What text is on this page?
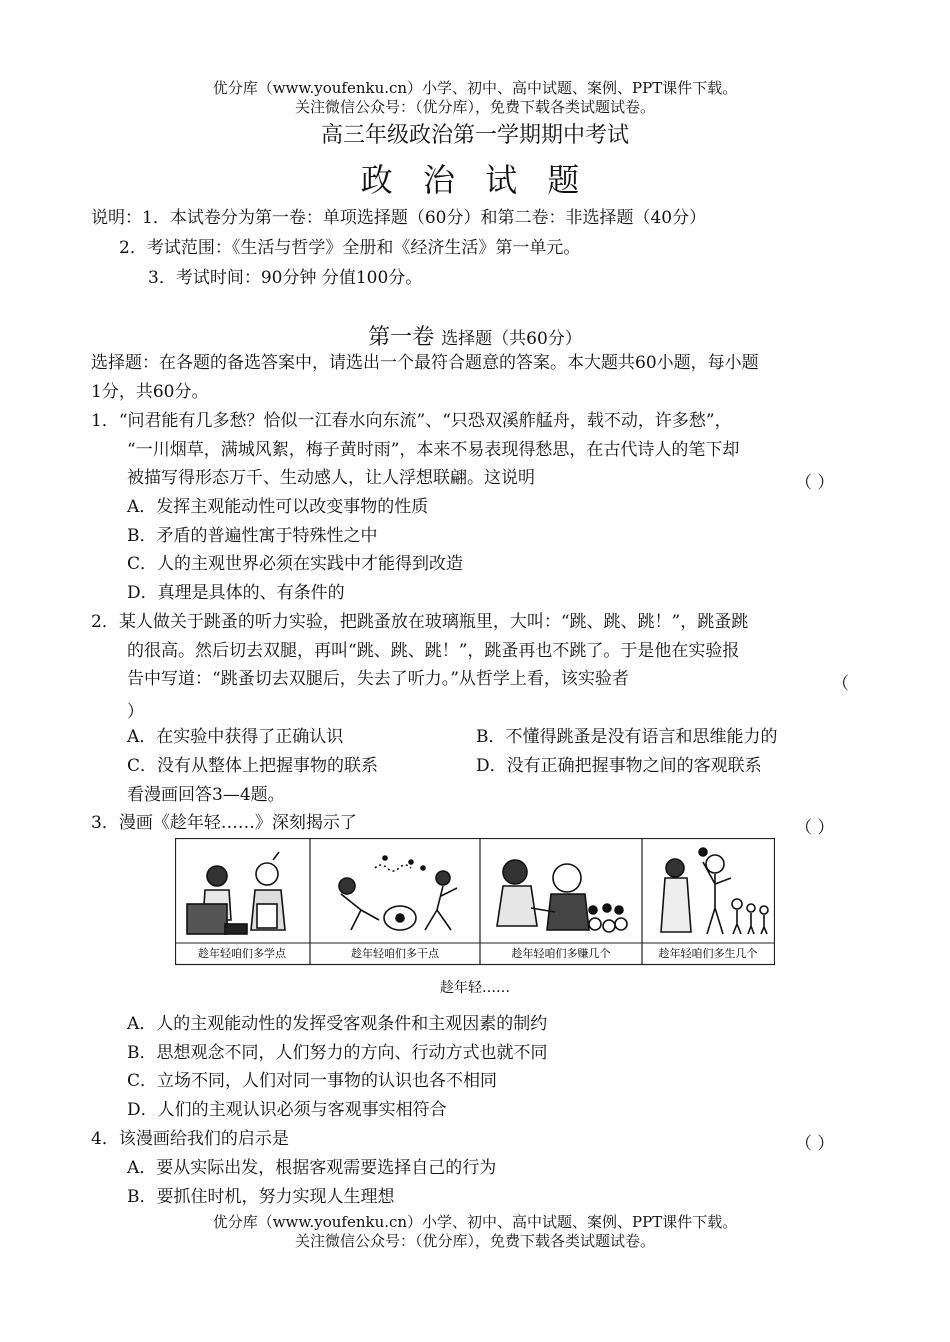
优分库（www.youfenku.cn）小学、初中、高中试题、案例、PPT课件下载。
关注微信公众号：（优分库），免费下载各类试题试卷。
高三年级政治第一学期期中考试
政 治 试 题
说明：1．本试卷分为第一卷：单项选择题（60分）和第二卷：非选择题（40分）
2．考试范围：《生活与哲学》全册和《经济生活》第一单元。
3．考试时间：90分钟 分值100分。
第一卷 选择题（共60分）
选择题：在各题的备选答案中，请选出一个最符合题意的答案。本大题共60小题，每小题
1分，共60分。
1．“问君能有几多愁？恰似一江春水向东流”、“只恐双溪舴艋舟，载不动，许多愁”，
“一川烟草，满城风絮，梅子黄时雨”，本来不易表现得愁思，在古代诗人的笔下却
被描写得形态万千、生动感人，让人浮想联翩。这说明	（ ）
A．发挥主观能动性可以改变事物的性质
B．矛盾的普遍性寓于特殊性之中
C．人的主观世界必须在实践中才能得到改造
D．真理是具体的、有条件的
2．某人做关于跳蚤的听力实验，把跳蚤放在玻璃瓶里，大叫：“跳、跳、跳！”，跳蚤跳
的很高。然后切去双腿，再叫“跳、跳、跳！”，跳蚤再也不跳了。于是他在实验报
告中写道：“跳蚤切去双腿后，失去了听力。”从哲学上看，该实验者	（
）
A．在实验中获得了正确认识	B．不懂得跳蚤是没有语言和思维能力的
C．没有从整体上把握事物的联系	D．没有正确把握事物之间的客观联系
看漫画回答3—4题。
3．漫画《趁年轻……》深刻揭示了	（ ）
趁年轻咱们多学点	趁年轻咱们多干点	趁年轻咱们多赚几个	趁年轻咱们多生几个
趁年轻……
A．人的主观能动性的发挥受客观条件和主观因素的制约
B．思想观念不同，人们努力的方向、行动方式也就不同
C．立场不同，人们对同一事物的认识也各不相同
D．人们的主观认识必须与客观事实相符合
4．该漫画给我们的启示是	（ ）
A．要从实际出发，根据客观需要选择自己的行为
B．要抓住时机，努力实现人生理想
优分库（www.youfenku.cn）小学、初中、高中试题、案例、PPT课件下载。
关注微信公众号：（优分库），免费下载各类试题试卷。
